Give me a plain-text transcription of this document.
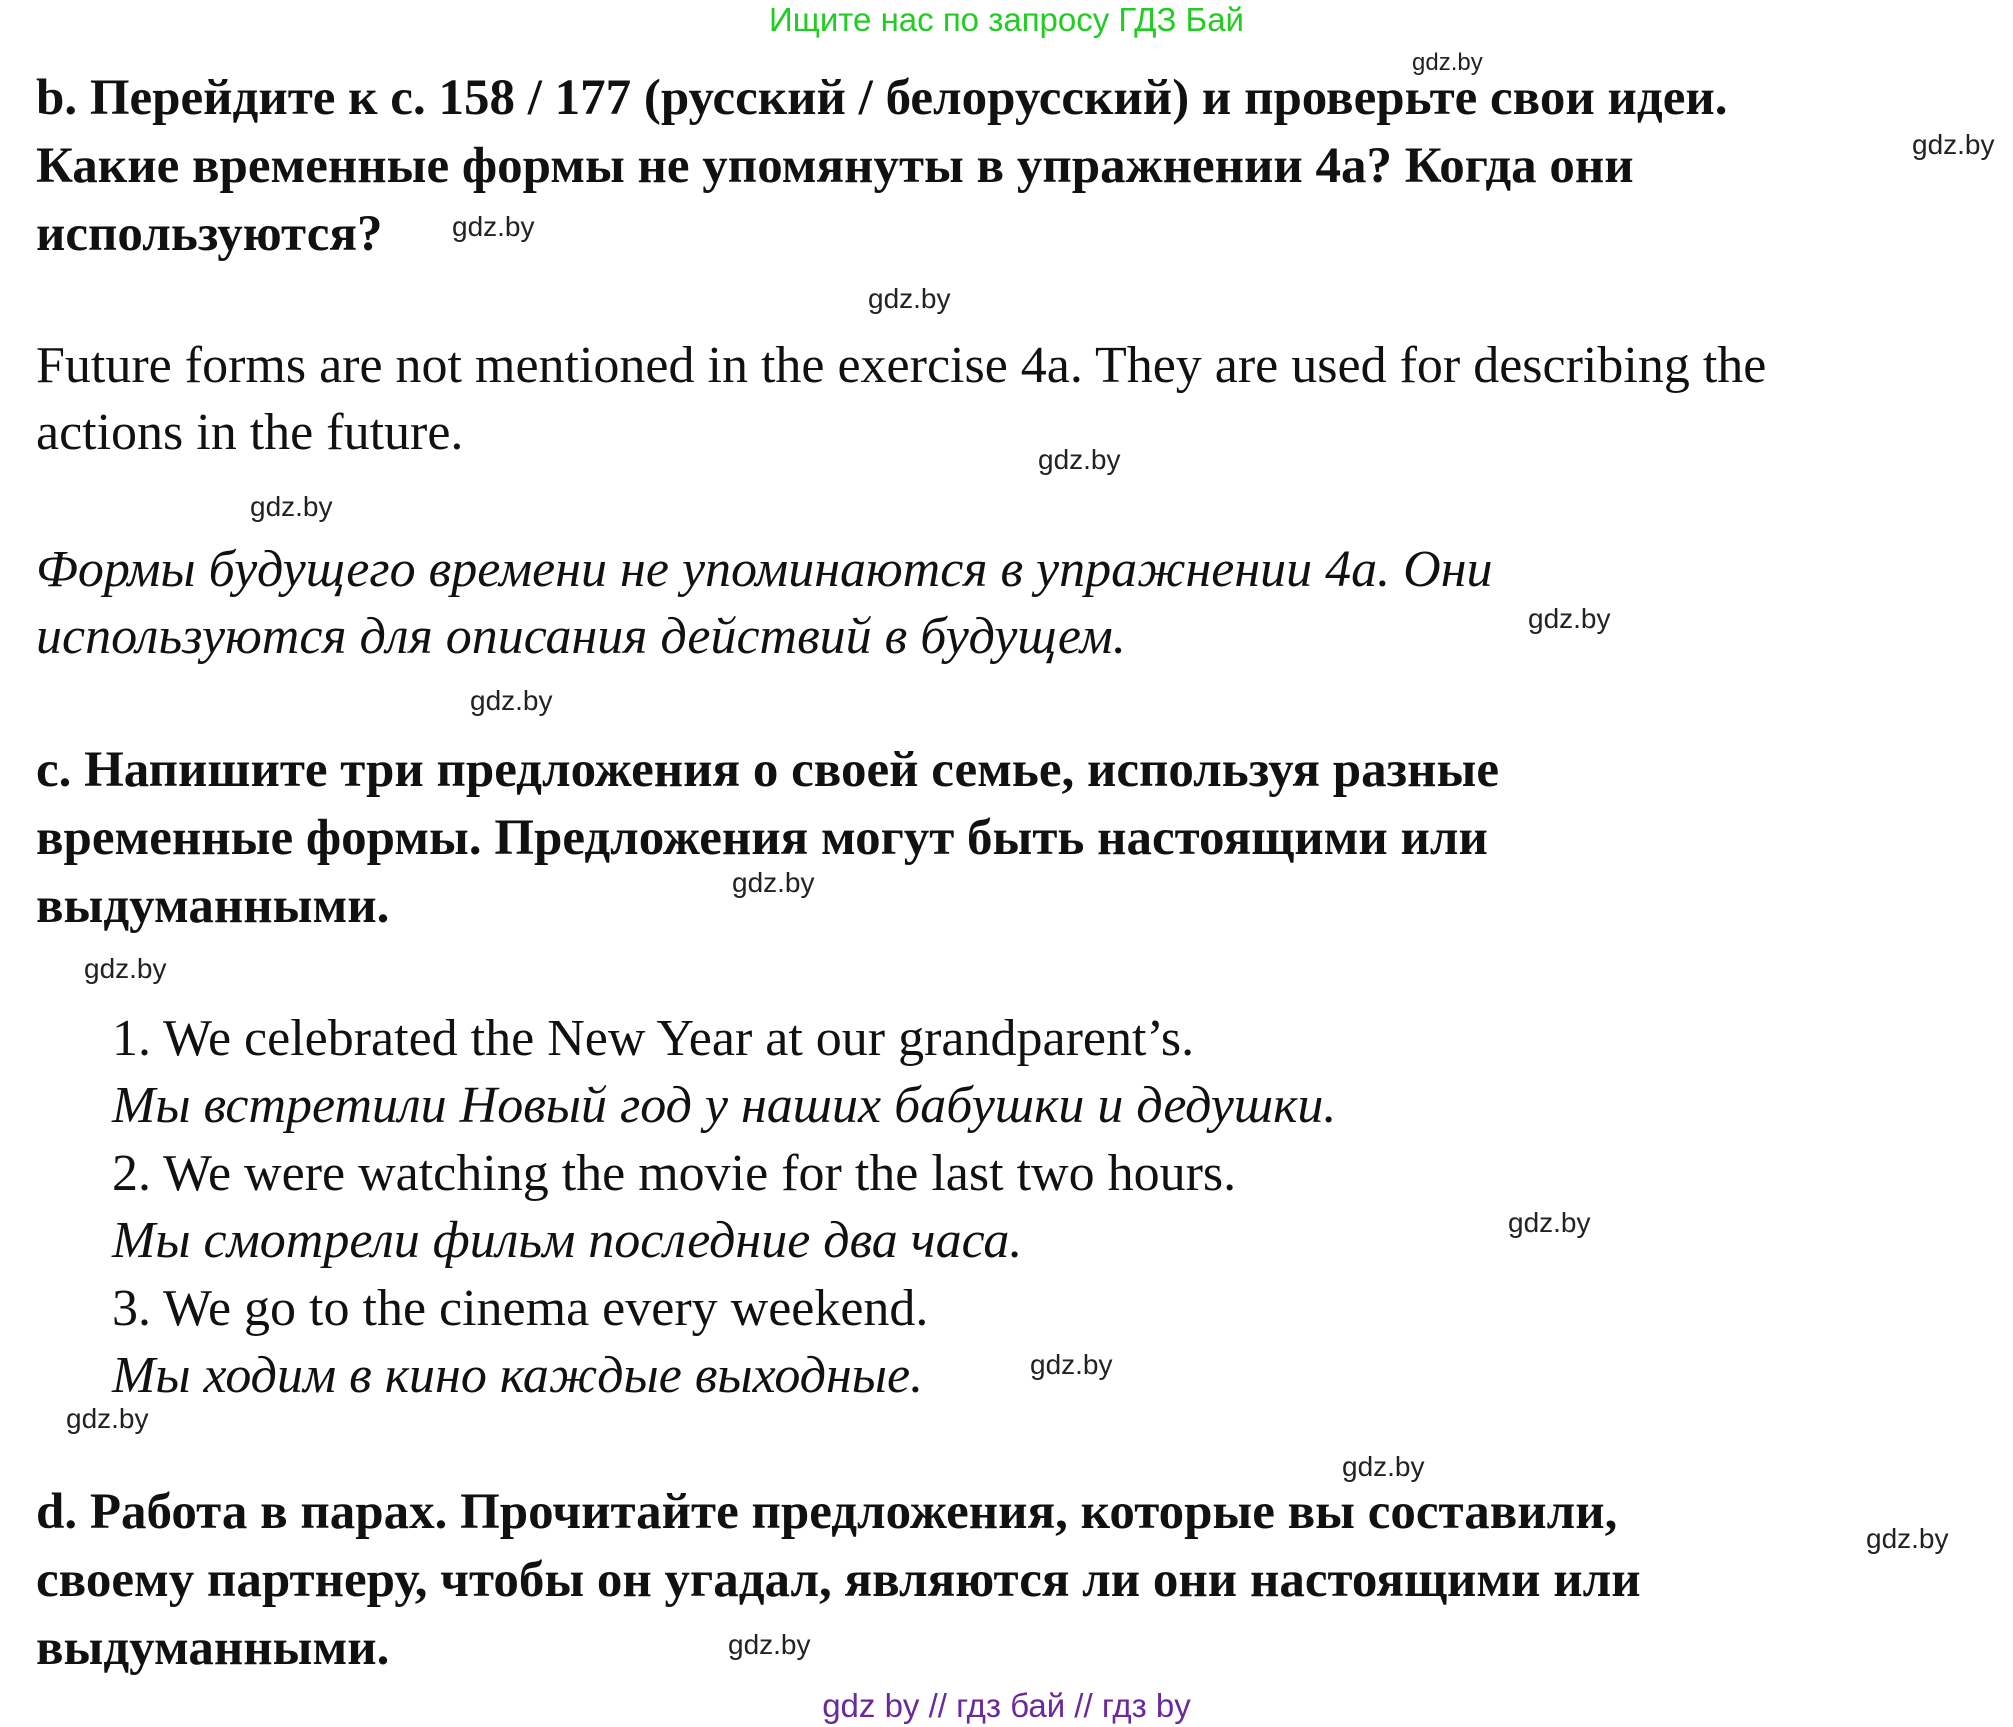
Ищите нас по запросу ГДЗ Бай
b. Перейдите к с. 158 / 177 (русский / белорусский) и проверьте свои идеи.
Какие временные формы не упомянуты в упражнении 4а? Когда они
используются?
Future forms are not mentioned in the exercise 4a. They are used for describing the
actions in the future.
Формы будущего времени не упоминаются в упражнении 4а. Они
используются для описания действий в будущем.
c. Напишите три предложения о своей семье, используя разные
временные формы. Предложения могут быть настоящими или
выдуманными.
1. We celebrated the New Year at our grandparent’s.
Мы встретили Новый год у наших бабушки и дедушки.
2. We were watching the movie for the last two hours.
Мы смотрели фильм последние два часа.
3. We go to the cinema every weekend.
Мы ходим в кино каждые выходные.
d. Работа в парах. Прочитайте предложения, которые вы составили,
своему партнеру, чтобы он угадал, являются ли они настоящими или
выдуманными.
gdz.by
gdz.by
gdz.by
gdz.by
gdz.by
gdz.by
gdz.by
gdz.by
gdz.by
gdz.by
gdz.by
gdz.by
gdz.by
gdz.by
gdz.by
gdz.by
gdz by // гдз бай // гдз by
